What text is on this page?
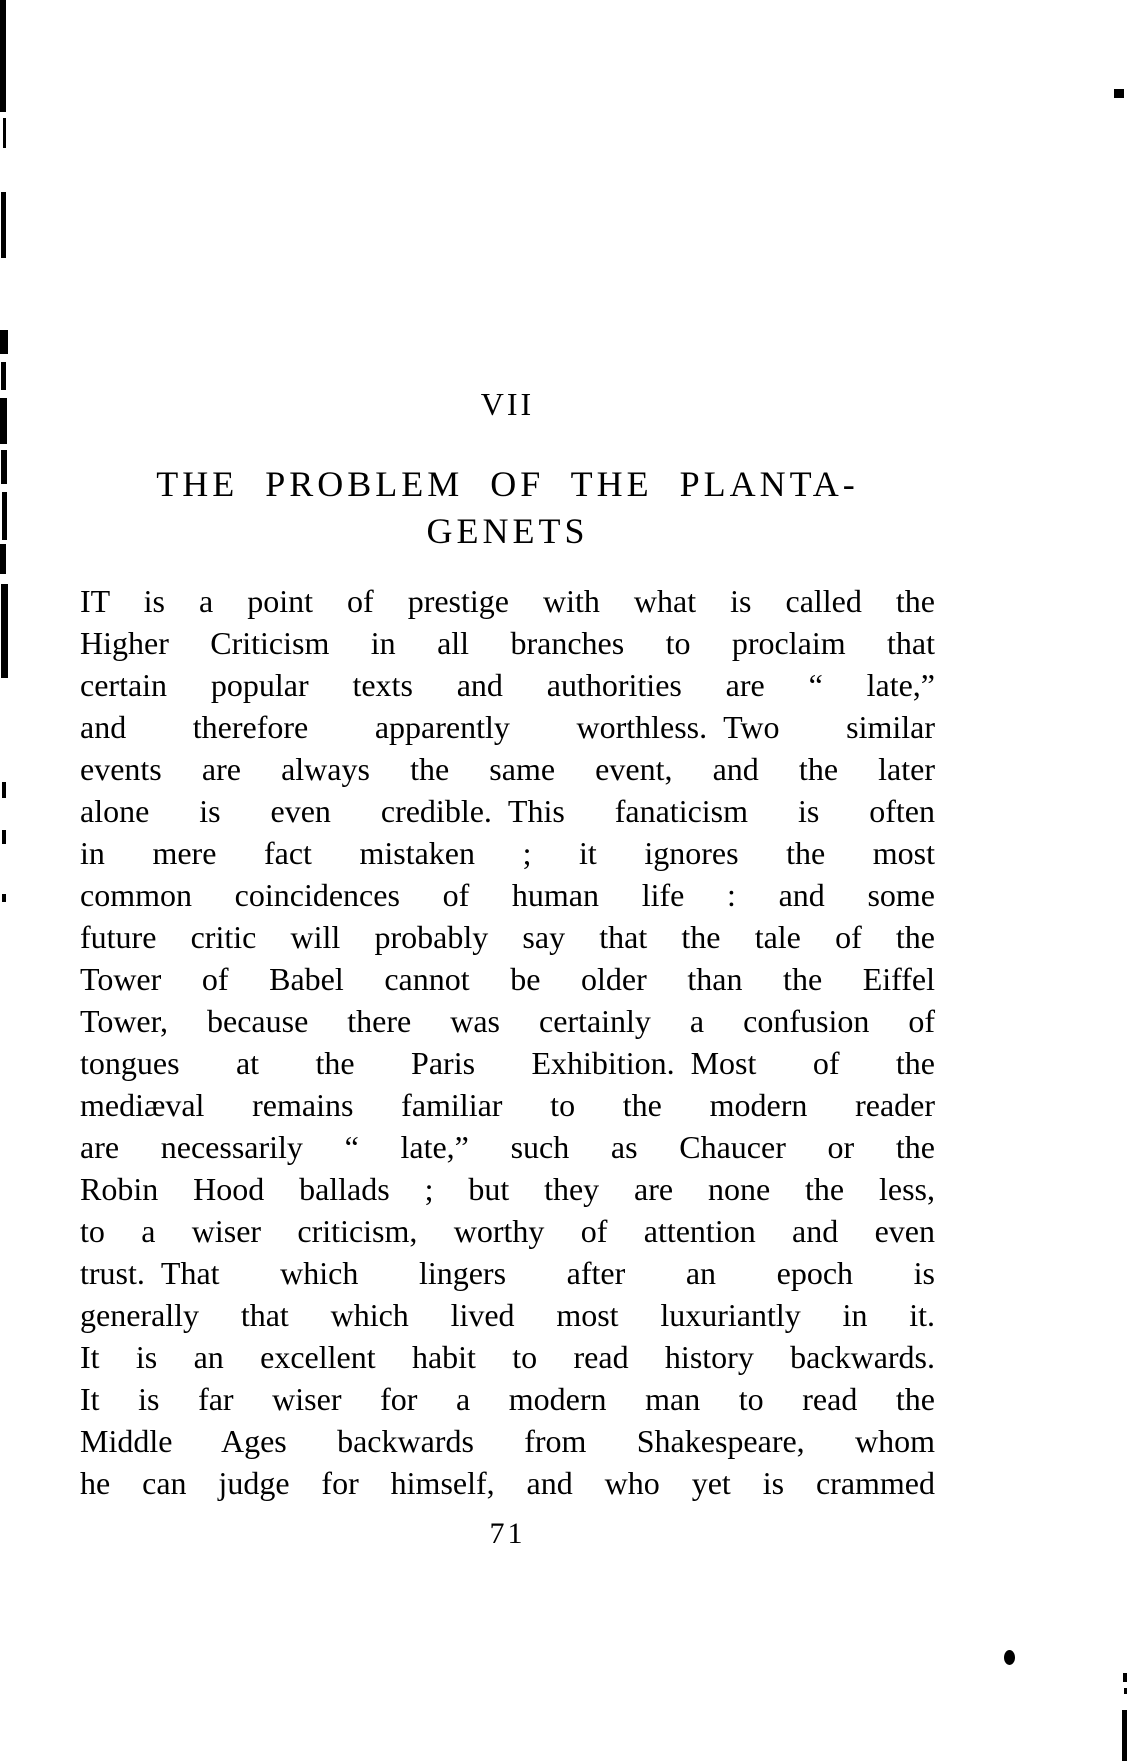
VII
THE PROBLEM OF THE PLANTA-
GENETS
IT is a point of prestige with what is called the
Higher Criticism in all branches to proclaim that
certain popular texts and authorities are “ late,”
and therefore apparently worthless. Two similar
events are always the same event, and the later
alone is even credible. This fanaticism is often
in mere fact mistaken ; it ignores the most
common coincidences of human life : and some
future critic will probably say that the tale of the
Tower of Babel cannot be older than the Eiffel
Tower, because there was certainly a confusion of
tongues at the Paris Exhibition. Most of the
mediæval remains familiar to the modern reader
are necessarily “ late,” such as Chaucer or the
Robin Hood ballads ; but they are none the less,
to a wiser criticism, worthy of attention and even
trust. That which lingers after an epoch is
generally that which lived most luxuriantly in it.
It is an excellent habit to read history backwards.
It is far wiser for a modern man to read the
Middle Ages backwards from Shakespeare, whom
he can judge for himself, and who yet is crammed
71
